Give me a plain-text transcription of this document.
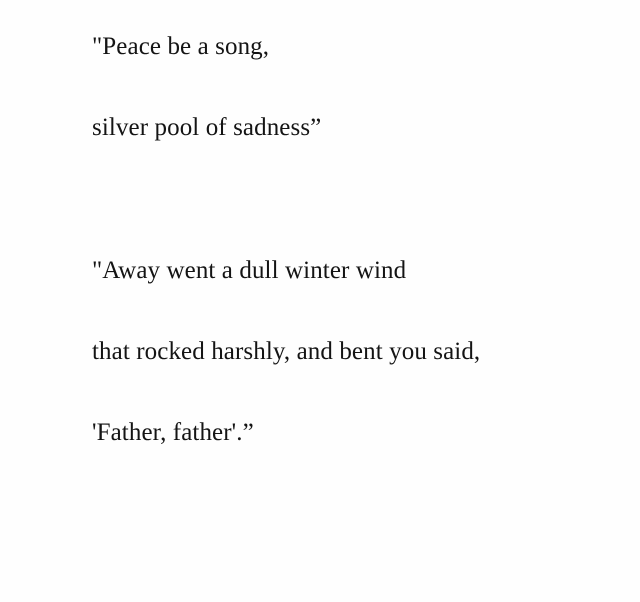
"Peace be a song,
silver pool of sadness”
"Away went a dull winter wind
that rocked harshly, and bent you said,
'Father, father'.”
